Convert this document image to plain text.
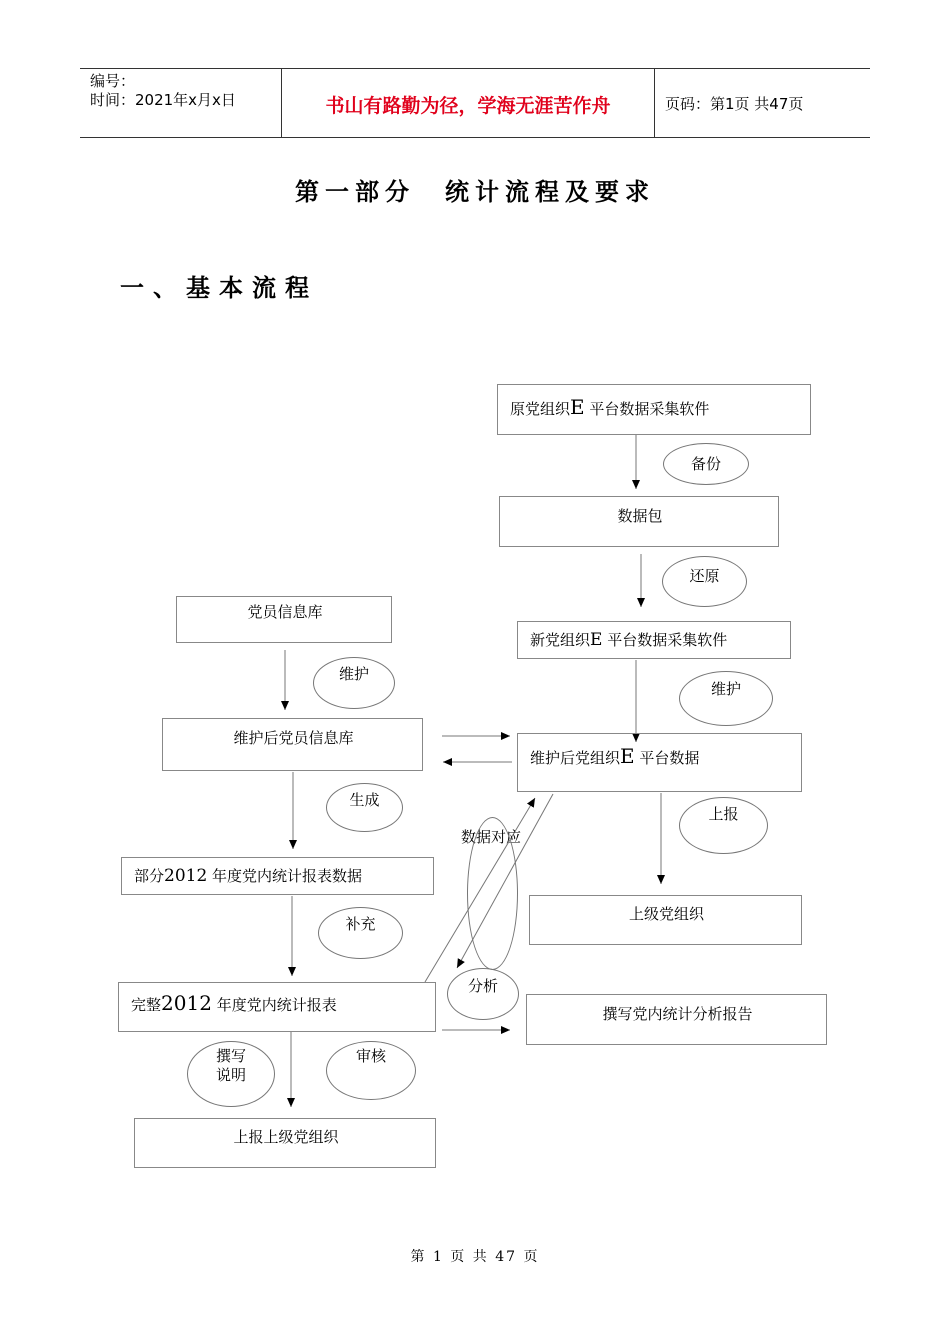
编号：
时间：2021年x月x日	书山有路勤为径，学海无涯苦作舟	页码：第1页 共47页
第一部分 统计流程及要求
一、基本流程
原党组织E 平台数据采集软件
备份
数据包
还原
新党组织E 平台数据采集软件
维护
党员信息库
维护
维护后党员信息库
维护后党组织E 平台数据
生成
上报
数据对应
部分2012 年度党内统计报表数据
上级党组织
补充
分析
完整2012 年度党内统计报表	撰写党内统计分析报告
撰写
说明
审核
上报上级党组织
第 1 页 共 47 页
